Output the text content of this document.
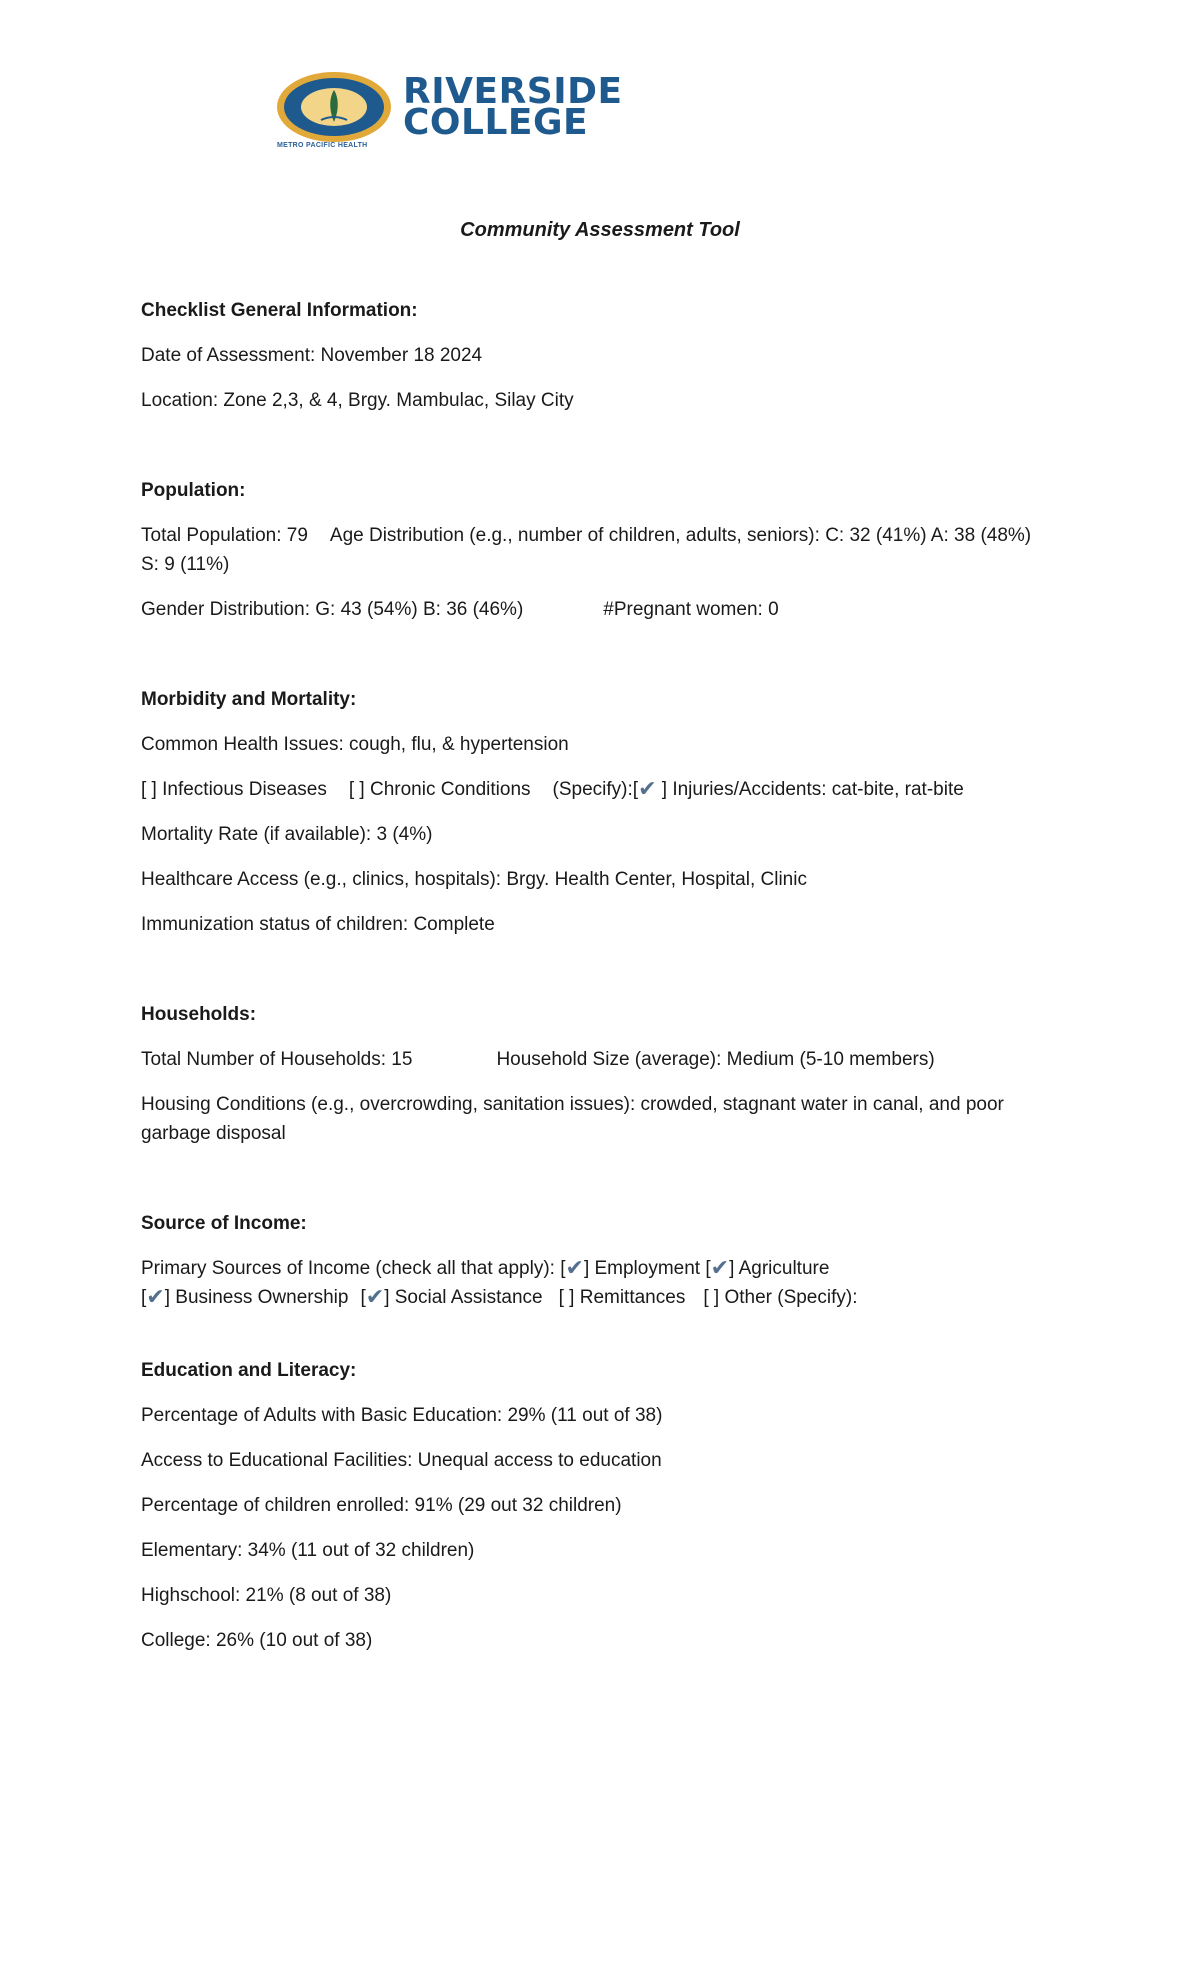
RIVERSIDE
COLLEGE
METRO PACIFIC HEALTH
Community Assessment Tool
Checklist General Information:
Date of Assessment: November 18 2024
Location: Zone 2,3, & 4, Brgy. Mambulac, Silay City
Population:
Total Population: 79 Age Distribution (e.g., number of children, adults, seniors): C: 32 (41%) A: 38 (48%) S: 9 (11%)
Gender Distribution: G: 43 (54%) B: 36 (46%)	#Pregnant women: 0
Morbidity and Mortality:
Common Health Issues: cough, flu, & hypertension
[ ] Infectious Diseases [ ] Chronic Conditions (Specify):[✔ ] Injuries/Accidents: cat-bite, rat-bite
Mortality Rate (if available): 3 (4%)
Healthcare Access (e.g., clinics, hospitals): Brgy. Health Center, Hospital, Clinic
Immunization status of children: Complete
Households:
Total Number of Households: 15	Household Size (average): Medium (5-10 members)
Housing Conditions (e.g., overcrowding, sanitation issues): crowded, stagnant water in canal, and poor garbage disposal
Source of Income:
Primary Sources of Income (check all that apply): [✔] Employment [✔] Agriculture
[✔] Business Ownership [✔] Social Assistance [ ] Remittances [ ] Other (Specify):
Education and Literacy:
Percentage of Adults with Basic Education: 29% (11 out of 38)
Access to Educational Facilities: Unequal access to education
Percentage of children enrolled: 91% (29 out 32 children)
Elementary: 34% (11 out of 32 children)
Highschool: 21% (8 out of 38)
College: 26% (10 out of 38)
